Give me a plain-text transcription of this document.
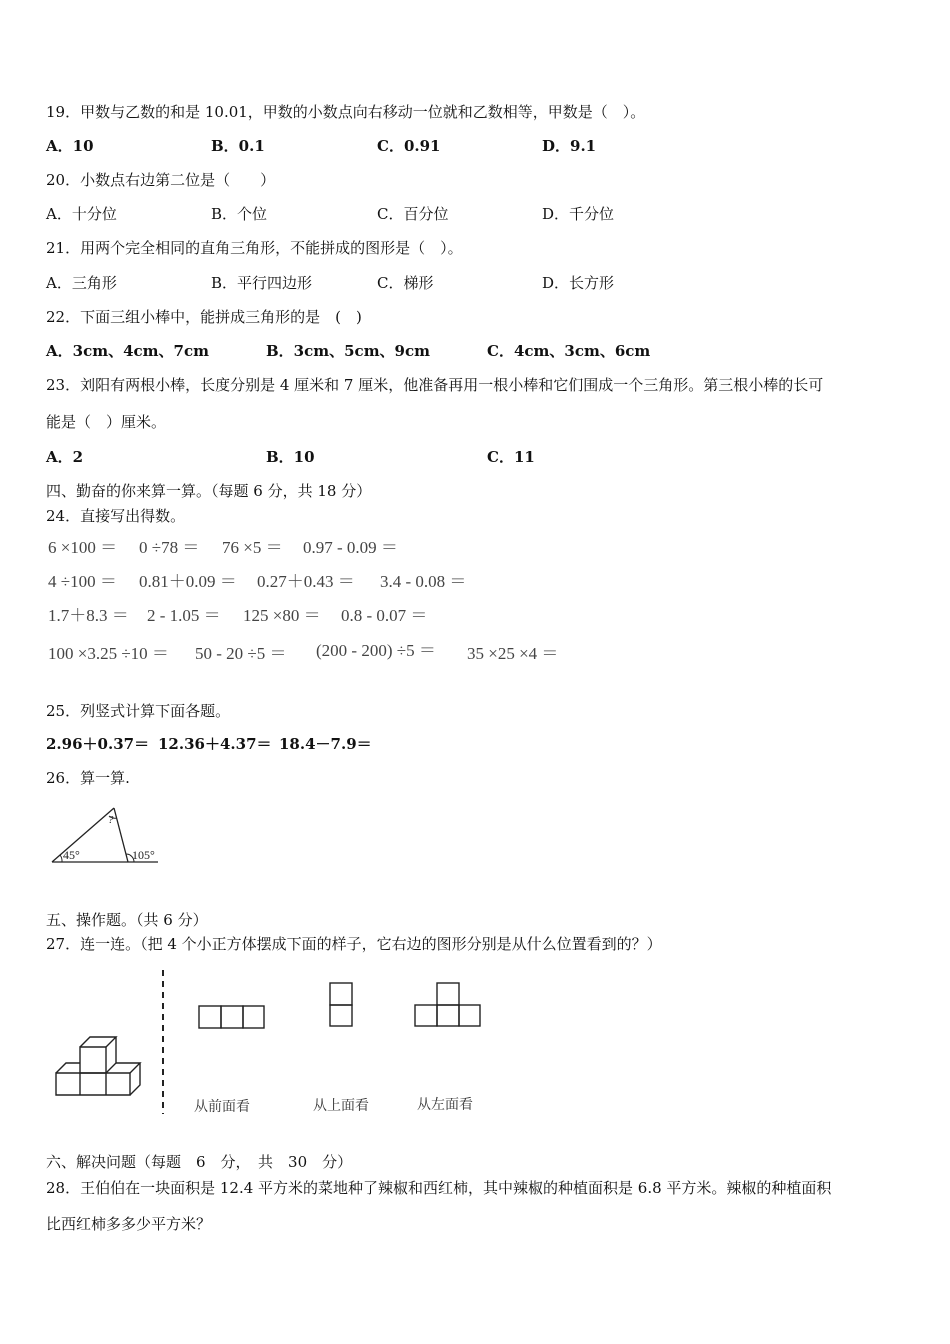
19．甲数与乙数的和是 10.01，甲数的小数点向右移动一位就和乙数相等，甲数是（　）。
A．10	B．0.1	C．0.91	D．9.1
20．小数点右边第二位是（　　）
A．十分位	B．个位	C．百分位	D．千分位
21．用两个完全相同的直角三角形，不能拼成的图形是（　）。
A．三角形	B．平行四边形	C．梯形	D．长方形
22．下面三组小棒中，能拼成三角形的是　(　)
A．3cm、4cm、7cm	B．3cm、5cm、9cm	C．4cm、3cm、6cm
23．刘阳有两根小棒，长度分别是 4 厘米和 7 厘米，他准备再用一根小棒和它们围成一个三角形。第三根小棒的长可
能是（　）厘米。
A．2	B．10	C．11
四、勤奋的你来算一算。（每题 6 分，共 18 分）
24．直接写出得数。
6 ×100 ＝ 0 ÷78 ＝ 76 ×5 ＝ 0.97 - 0.09 ＝
4 ÷100 ＝ 0.81＋0.09 ＝ 0.27＋0.43 ＝ 3.4 - 0.08 ＝
1.7＋8.3 ＝ 2 - 1.05 ＝ 125 ×80 ＝ 0.8 - 0.07 ＝
100 ×3.25 ÷10 ＝ 50 - 20 ÷5 ＝ (200 - 200) ÷5 ＝ 35 ×25 ×4 ＝
25．列竖式计算下面各题。
2.96＋0.37＝ 12.36＋4.37＝ 18.4－7.9＝
26．算一算.
?
45°	105°
五、操作题。（共 6 分）
27．连一连。（把 4 个小正方体摆成下面的样子，它右边的图形分别是从什么位置看到的？）
从前面看	从上面看	从左面看
六、解决问题（每题　6　分，　共　30　分）
28．王伯伯在一块面积是 12.4 平方米的菜地种了辣椒和西红柿，其中辣椒的种植面积是 6.8 平方米。辣椒的种植面积
比西红柿多多少平方米？
